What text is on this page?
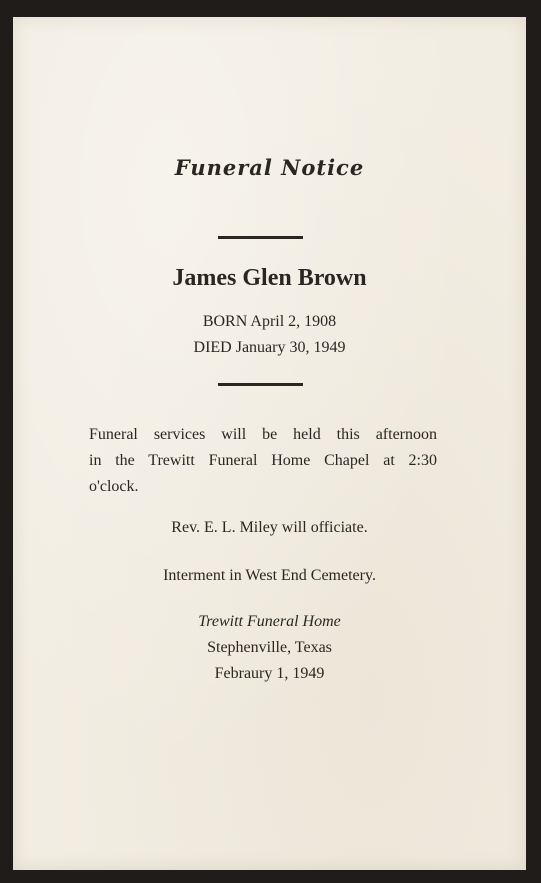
Funeral Notice
James Glen Brown
BORN April 2, 1908
DIED January 30, 1949
Funeral services will be held this afternoon
in the Trewitt Funeral Home Chapel at 2:30
o'clock.
Rev. E. L. Miley will officiate.
Interment in West End Cemetery.
Trewitt Funeral Home
Stephenville, Texas
Febraury 1, 1949
